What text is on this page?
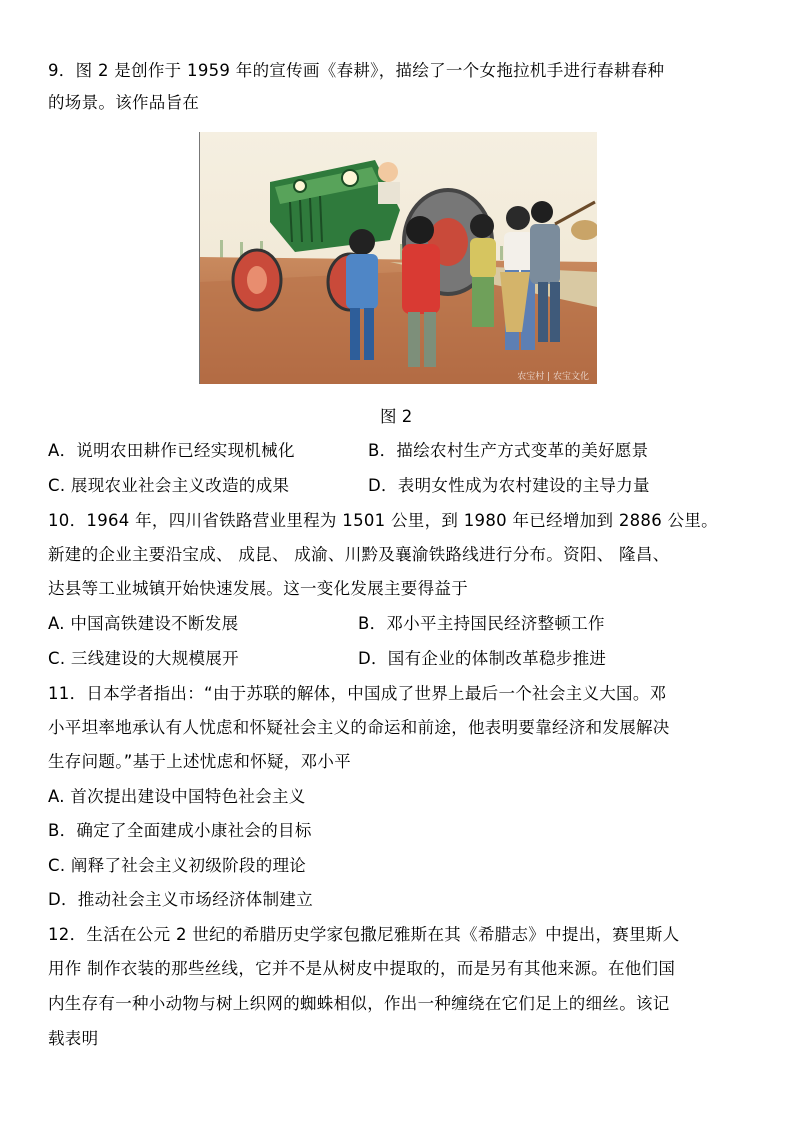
9．图 2 是创作于 1959 年的宣传画《春耕》，描绘了一个女拖拉机手进行春耕春种
的场景。该作品旨在
农宝村 | 农宝文化
图 2
A．说明农田耕作已经实现机械化	B．描绘农村生产方式变革的美好愿景
C. 展现农业社会主义改造的成果	D．表明女性成为农村建设的主导力量
10．1964 年，四川省铁路营业里程为 1501 公里，到 1980 年已经增加到 2886 公里。
新建的企业主要沿宝成、 成昆、 成渝、川黔及襄渝铁路线进行分布。资阳、 隆昌、
达县等工业城镇开始快速发展。这一变化发展主要得益于
A. 中国高铁建设不断发展	B．邓小平主持国民经济整顿工作
C. 三线建设的大规模展开	D．国有企业的体制改革稳步推进
11．日本学者指出：“由于苏联的解体，中国成了世界上最后一个社会主义大国。邓
小平坦率地承认有人忧虑和怀疑社会主义的命运和前途，他表明要靠经济和发展解决
生存问题。”基于上述忧虑和怀疑，邓小平
A. 首次提出建设中国特色社会主义
B．确定了全面建成小康社会的目标
C. 阐释了社会主义初级阶段的理论
D．推动社会主义市场经济体制建立
12．生活在公元 2 世纪的希腊历史学家包撒尼雅斯在其《希腊志》中提出，赛里斯人
用作 制作衣装的那些丝线，它并不是从树皮中提取的，而是另有其他来源。在他们国
内生存有一种小动物与树上织网的蜘蛛相似，作出一种缠绕在它们足上的细丝。该记
载表明
